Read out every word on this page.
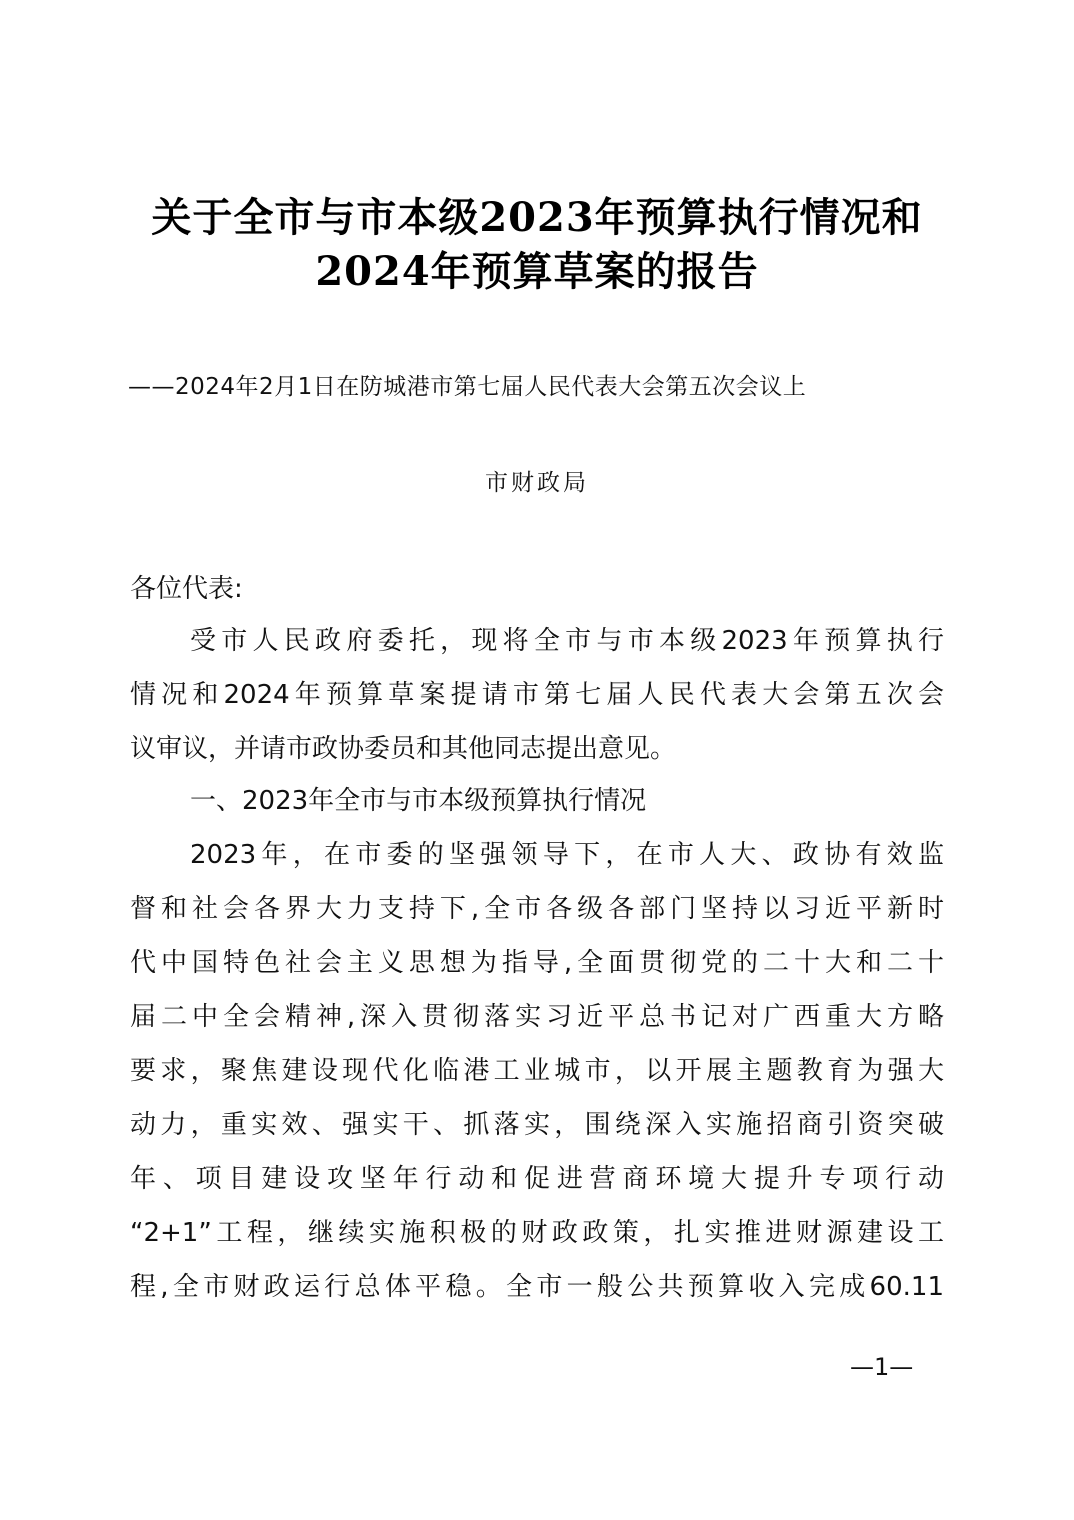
关于全市与市本级2023年预算执行情况和
2024年预算草案的报告
——2024年2月1日在防城港市第七届人民代表大会第五次会议上
市财政局
各位代表:
受市人民政府委托，现将全市与市本级2023年预算执行
情况和2024年预算草案提请市第七届人民代表大会第五次会
议审议，并请市政协委员和其他同志提出意见。
一、2023年全市与市本级预算执行情况
2023年，在市委的坚强领导下，在市人大、政协有效监
督和社会各界大力支持下,全市各级各部门坚持以习近平新时
代中国特色社会主义思想为指导,全面贯彻党的二十大和二十
届二中全会精神,深入贯彻落实习近平总书记对广西重大方略
要求，聚焦建设现代化临港工业城市，以开展主题教育为强大
动力，重实效、强实干、抓落实，围绕深入实施招商引资突破
年、项目建设攻坚年行动和促进营商环境大提升专项行动
“2+1”工程，继续实施积极的财政政策，扎实推进财源建设工
程,全市财政运行总体平稳。全市一般公共预算收入完成60.11
—1—
